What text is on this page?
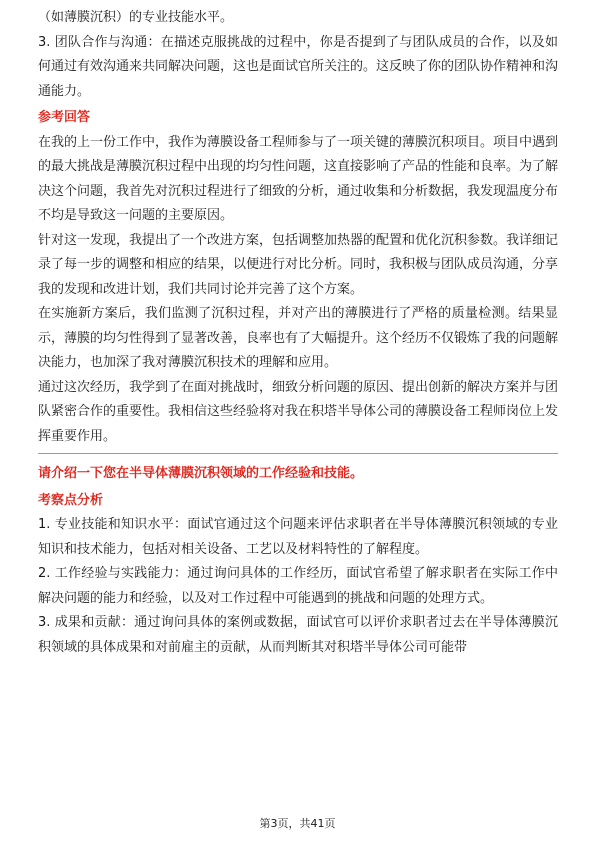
（如薄膜沉积）的专业技能水平。

3. 团队合作与沟通：在描述克服挑战的过程中，你是否提到了与团队成员的合作，以及如何通过有效沟通来共同解决问题，这也是面试官所关注的。这反映了你的团队协作精神和沟通能力。

参考回答

在我的上一份工作中，我作为薄膜设备工程师参与了一项关键的薄膜沉积项目。项目中遇到的最大挑战是薄膜沉积过程中出现的均匀性问题，这直接影响了产品的性能和良率。为了解决这个问题，我首先对沉积过程进行了细致的分析，通过收集和分析数据，我发现温度分布不均是导致这一问题的主要原因。

针对这一发现，我提出了一个改进方案，包括调整加热器的配置和优化沉积参数。我详细记录了每一步的调整和相应的结果，以便进行对比分析。同时，我积极与团队成员沟通，分享我的发现和改进计划，我们共同讨论并完善了这个方案。

在实施新方案后，我们监测了沉积过程，并对产出的薄膜进行了严格的质量检测。结果显示，薄膜的均匀性得到了显著改善，良率也有了大幅提升。这个经历不仅锻炼了我的问题解决能力，也加深了我对薄膜沉积技术的理解和应用。

通过这次经历，我学到了在面对挑战时，细致分析问题的原因、提出创新的解决方案并与团队紧密合作的重要性。我相信这些经验将对我在积塔半导体公司的薄膜设备工程师岗位上发挥重要作用。

请介绍一下您在半导体薄膜沉积领域的工作经验和技能。
考察点分析

1. 专业技能和知识水平：面试官通过这个问题来评估求职者在半导体薄膜沉积领域的专业知识和技术能力，包括对相关设备、工艺以及材料特性的了解程度。

2. 工作经验与实践能力：通过询问具体的工作经历，面试官希望了解求职者在实际工作中解决问题的能力和经验，以及对工作过程中可能遇到的挑战和问题的处理方式。

3. 成果和贡献：通过询问具体的案例或数据，面试官可以评价求职者过去在半导体薄膜沉积领域的具体成果和对前雇主的贡献，从而判断其对积塔半导体公司可能带

第3页，共41页
